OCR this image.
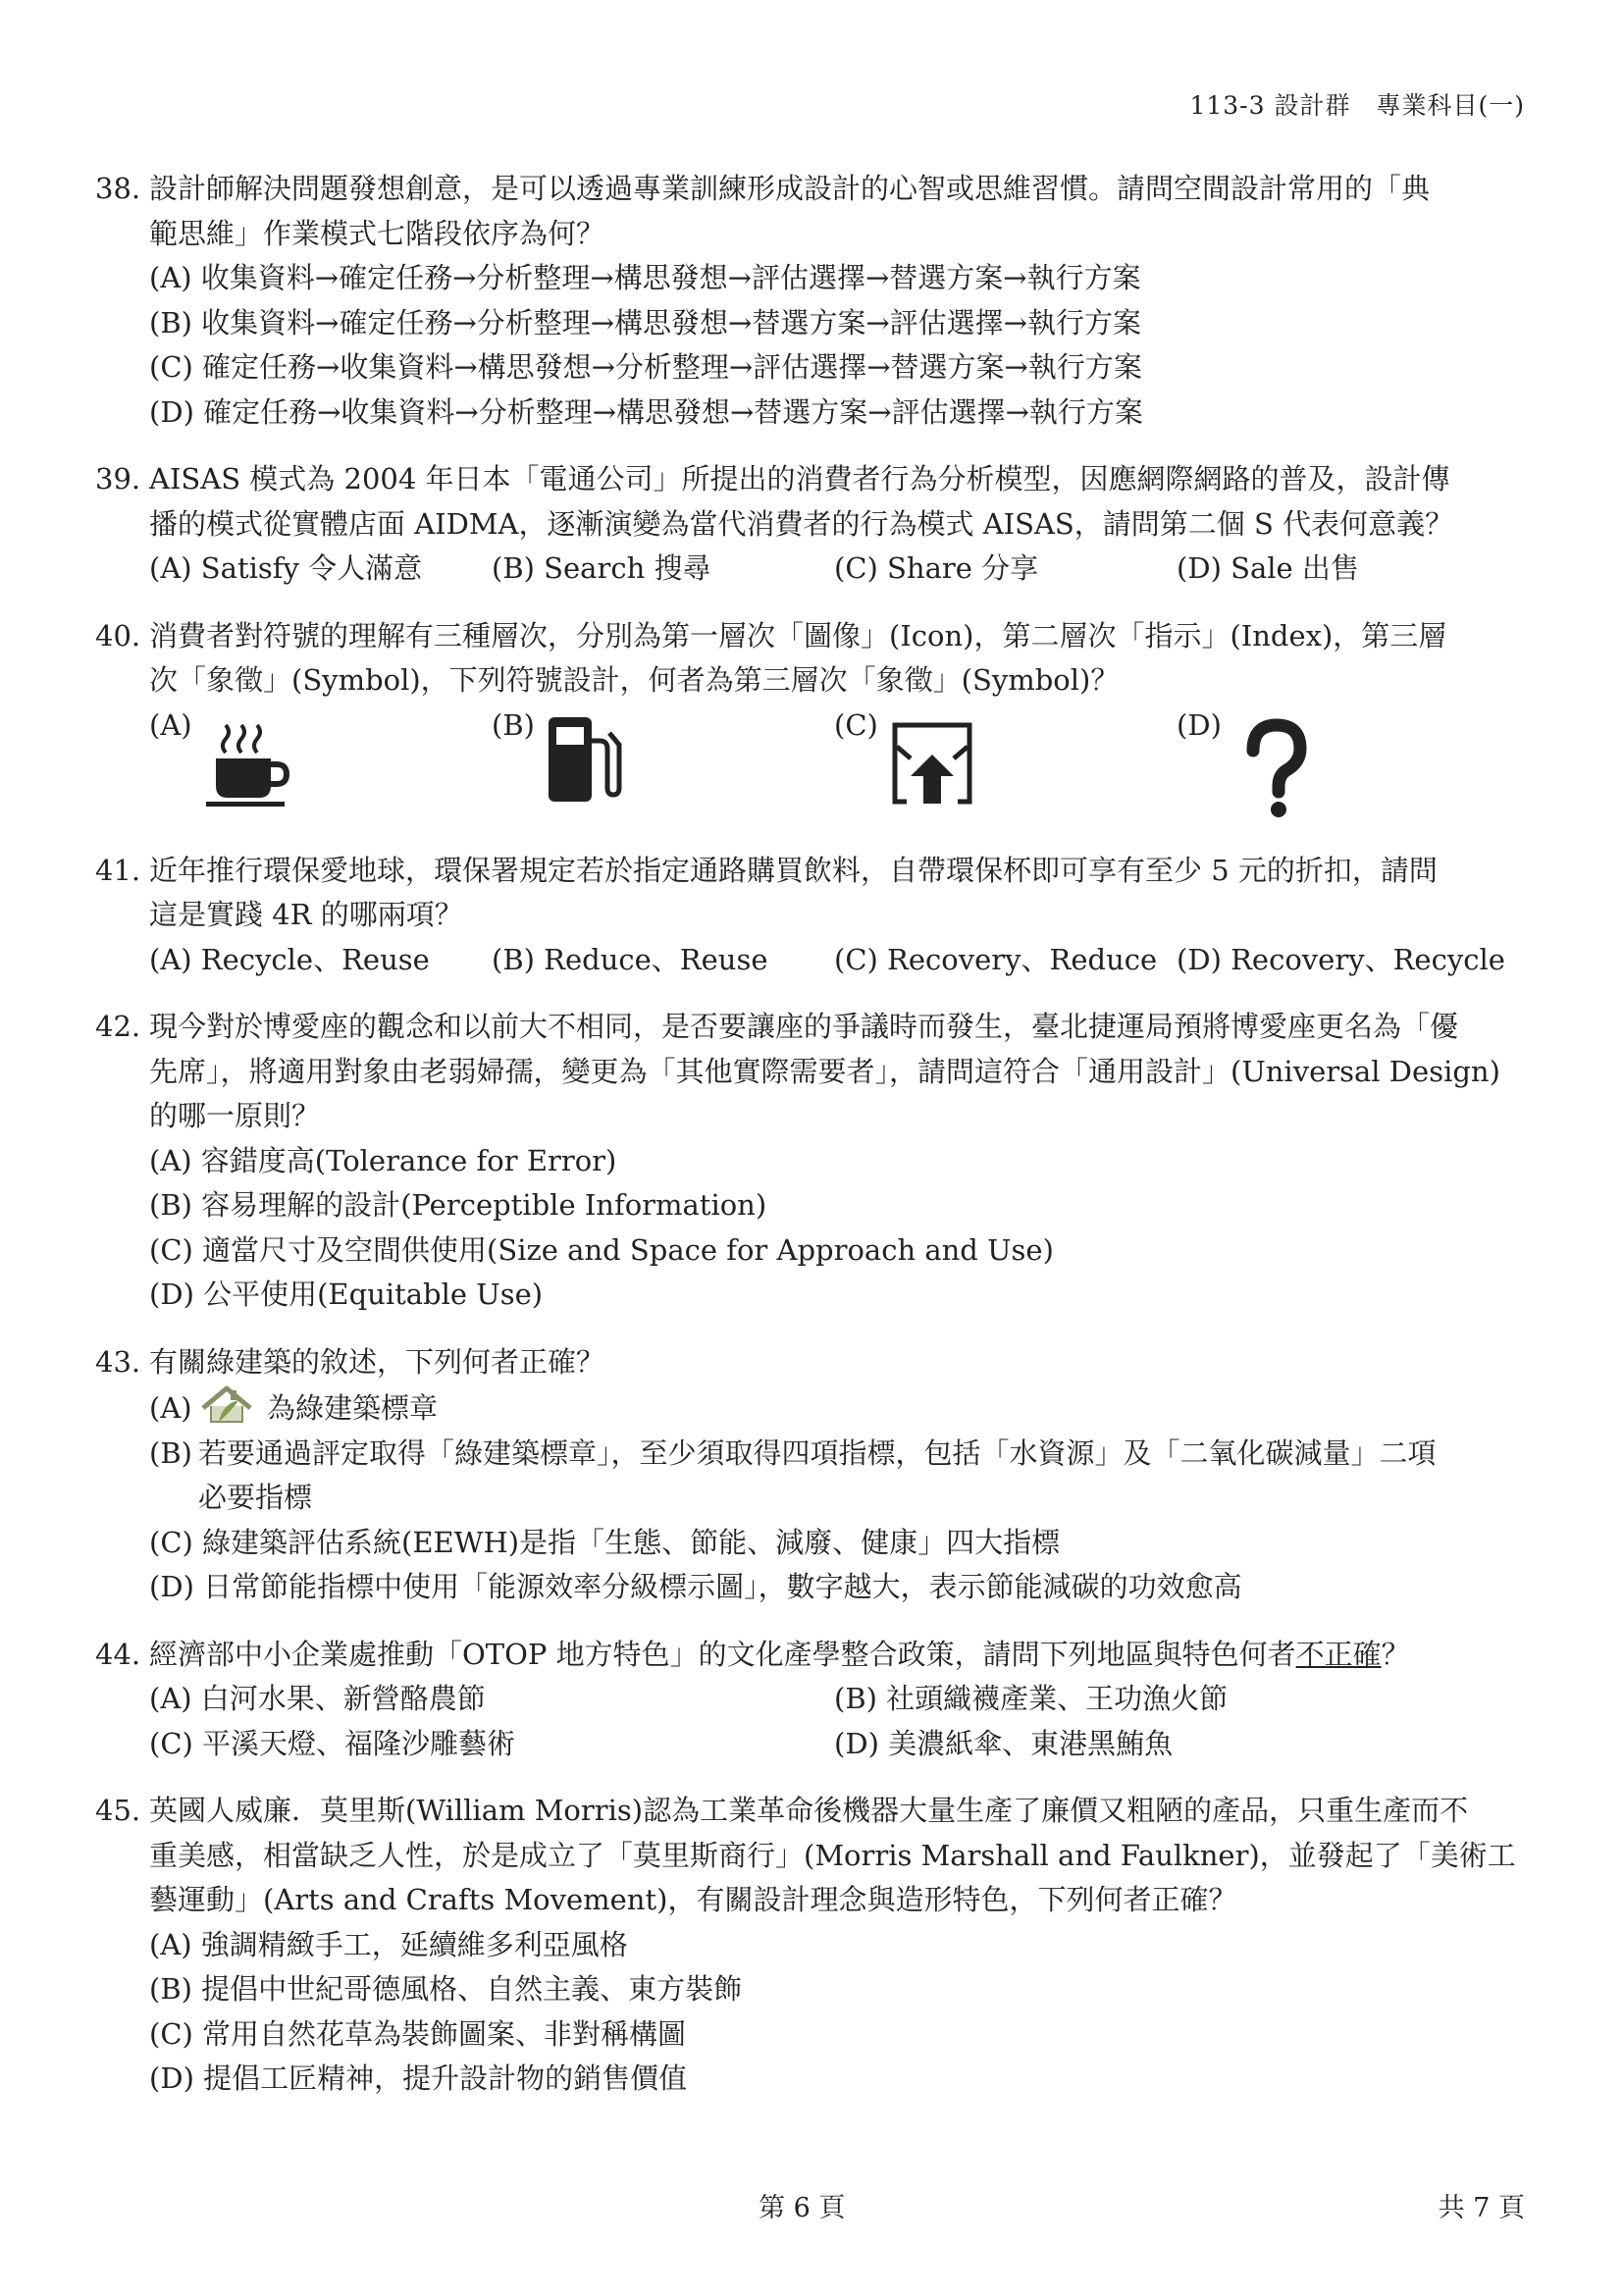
113-3 設計群　專業科目(一)
38. 設計師解決問題發想創意，是可以透過專業訓練形成設計的心智或思維習慣。請問空間設計常用的「典
範思維」作業模式七階段依序為何？
(A) 收集資料→確定任務→分析整理→構思發想→評估選擇→替選方案→執行方案
(B) 收集資料→確定任務→分析整理→構思發想→替選方案→評估選擇→執行方案
(C) 確定任務→收集資料→構思發想→分析整理→評估選擇→替選方案→執行方案
(D) 確定任務→收集資料→分析整理→構思發想→替選方案→評估選擇→執行方案
39. AISAS 模式為 2004 年日本「電通公司」所提出的消費者行為分析模型，因應網際網路的普及，設計傳
播的模式從實體店面 AIDMA，逐漸演變為當代消費者的行為模式 AISAS，請問第二個 S 代表何意義？
(A) Satisfy 令人滿意	(B) Search 搜尋	(C) Share 分享	(D) Sale 出售
40. 消費者對符號的理解有三種層次，分別為第一層次「圖像」(Icon)，第二層次「指示」(Index)，第三層
次「象徵」(Symbol)，下列符號設計，何者為第三層次「象徵」(Symbol)？
(A)	(B)	(C)	(D)
41. 近年推行環保愛地球，環保署規定若於指定通路購買飲料，自帶環保杯即可享有至少 5 元的折扣，請問
這是實踐 4R 的哪兩項？
(A) Recycle、Reuse	(B) Reduce、Reuse	(C) Recovery、Reduce (D) Recovery、Recycle
42. 現今對於博愛座的觀念和以前大不相同，是否要讓座的爭議時而發生，臺北捷運局預將博愛座更名為「優
先席」，將適用對象由老弱婦孺，變更為「其他實際需要者」，請問這符合「通用設計」(Universal Design)
的哪一原則？
(A) 容錯度高(Tolerance for Error)
(B) 容易理解的設計(Perceptible Information)
(C) 適當尺寸及空間供使用(Size and Space for Approach and Use)
(D) 公平使用(Equitable Use)
43. 有關綠建築的敘述，下列何者正確？
(A)	為綠建築標章
(B) 若要通過評定取得「綠建築標章」，至少須取得四項指標，包括「水資源」及「二氧化碳減量」二項
必要指標
(C) 綠建築評估系統(EEWH)是指「生態、節能、減廢、健康」四大指標
(D) 日常節能指標中使用「能源效率分級標示圖」，數字越大，表示節能減碳的功效愈高
44. 經濟部中小企業處推動「OTOP 地方特色」的文化產學整合政策，請問下列地區與特色何者不正確？
(A) 白河水果、新營酪農節	(B) 社頭織襪產業、王功漁火節
(C) 平溪天燈、福隆沙雕藝術	(D) 美濃紙傘、東港黑鮪魚
45. 英國人威廉．莫里斯(William Morris)認為工業革命後機器大量生產了廉價又粗陋的產品，只重生產而不
重美感，相當缺乏人性，於是成立了「莫里斯商行」(Morris Marshall and Faulkner)，並發起了「美術工
藝運動」(Arts and Crafts Movement)，有關設計理念與造形特色，下列何者正確？
(A) 強調精緻手工，延續維多利亞風格
(B) 提倡中世紀哥德風格、自然主義、東方裝飾
(C) 常用自然花草為裝飾圖案、非對稱構圖
(D) 提倡工匠精神，提升設計物的銷售價值
第 6 頁	共 7 頁
